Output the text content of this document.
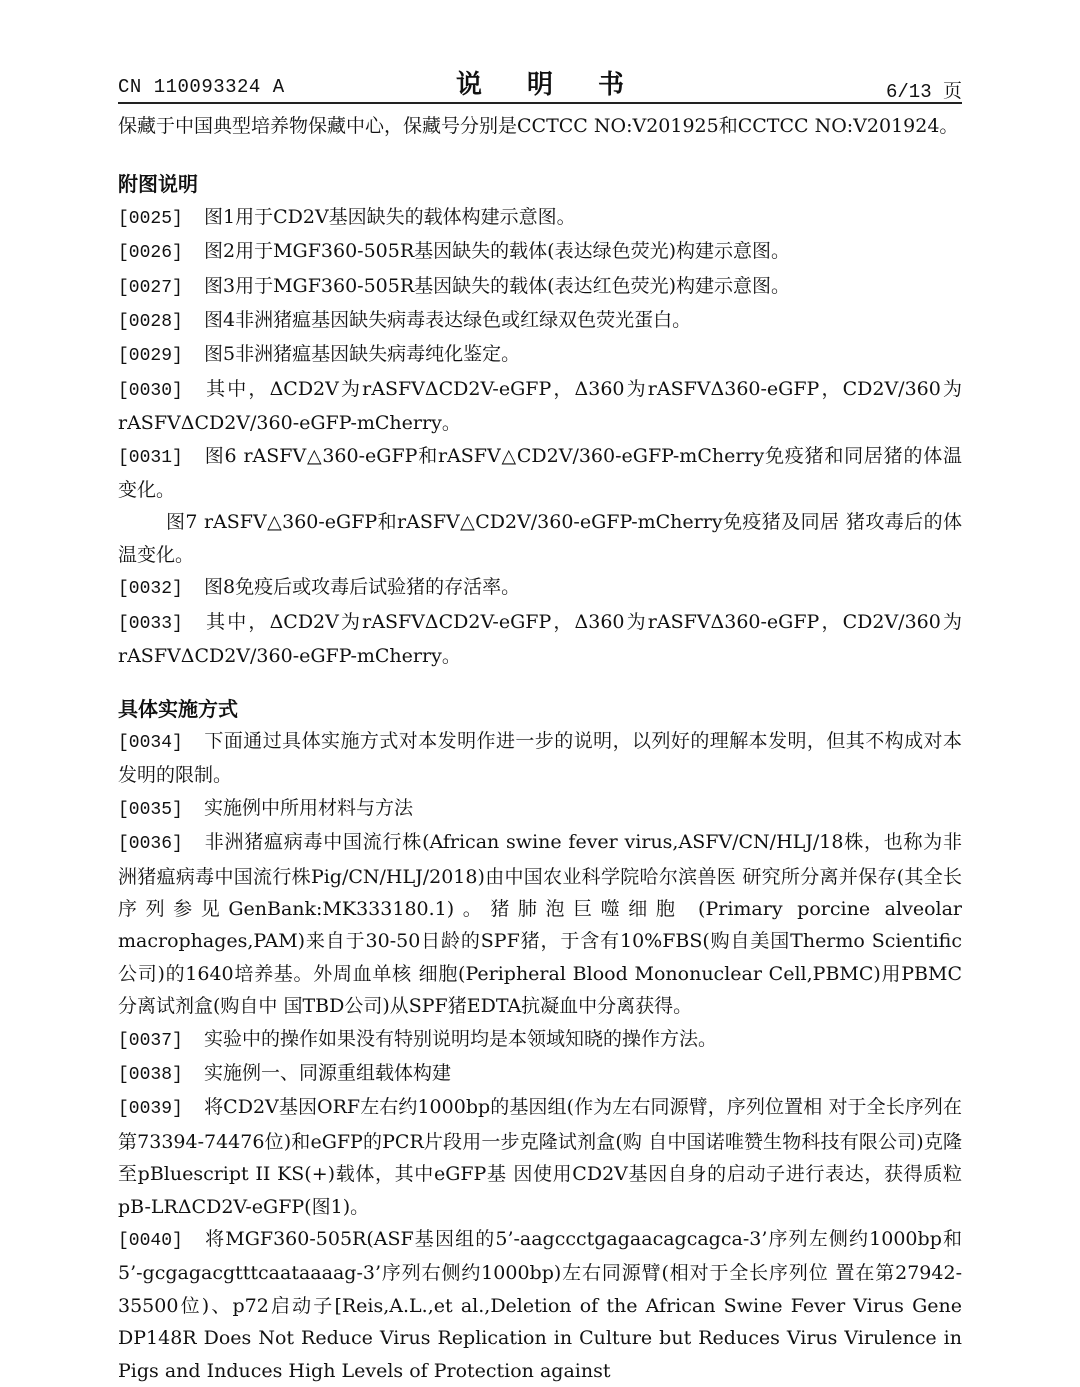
CN 110093324 A	说 明 书	6/13 页

保藏于中国典型培养物保藏中心，保藏号分别是CCTCC NO:V201925和CCTCC NO:V201924。

附图说明

[0025] 图1用于CD2V基因缺失的载体构建示意图。

[0026] 图2用于MGF360-505R基因缺失的载体(表达绿色荧光)构建示意图。

[0027] 图3用于MGF360-505R基因缺失的载体(表达红色荧光)构建示意图。

[0028] 图4非洲猪瘟基因缺失病毒表达绿色或红绿双色荧光蛋白。

[0029] 图5非洲猪瘟基因缺失病毒纯化鉴定。

[0030] 其中，ΔCD2V为rASFVΔCD2V-eGFP，Δ360为rASFVΔ360-eGFP，CD2V/360为rASFVΔCD2V/360-eGFP-mCherry。

[0031] 图6 rASFV△360-eGFP和rASFV△CD2V/360-eGFP-mCherry免疫猪和同居猪的体温变化。

图7 rASFV△360-eGFP和rASFV△CD2V/360-eGFP-mCherry免疫猪及同居 猪攻毒后的体温变化。

[0032] 图8免疫后或攻毒后试验猪的存活率。

[0033] 其中，ΔCD2V为rASFVΔCD2V-eGFP，Δ360为rASFVΔ360-eGFP，CD2V/360为rASFVΔCD2V/360-eGFP-mCherry。

具体实施方式

[0034] 下面通过具体实施方式对本发明作进一步的说明，以列好的理解本发明，但其不构成对本发明的限制。

[0035] 实施例中所用材料与方法

[0036] 非洲猪瘟病毒中国流行株(African swine fever virus,ASFV/CN/HLJ/18株，也称为非洲猪瘟病毒中国流行株Pig/CN/HLJ/2018)由中国农业科学院哈尔滨兽医 研究所分离并保存(其全长序列参见GenBank:MK333180.1)。猪肺泡巨噬细胞 (Primary porcine alveolar macrophages,PAM)来自于30-50日龄的SPF猪，于含有10%FBS(购自美国Thermo Scientific公司)的1640培养基。外周血单核 细胞(Peripheral Blood Mononuclear Cell,PBMC)用PBMC分离试剂盒(购自中 国TBD公司)从SPF猪EDTA抗凝血中分离获得。

[0037] 实验中的操作如果没有特别说明均是本领域知晓的操作方法。

[0038] 实施例一、同源重组载体构建

[0039] 将CD2V基因ORF左右约1000bp的基因组(作为左右同源臂，序列位置相 对于全长序列在第73394-74476位)和eGFP的PCR片段用一步克隆试剂盒(购 自中国诺唯赞生物科技有限公司)克隆至pBluescript II KS(+)载体，其中eGFP基 因使用CD2V基因自身的启动子进行表达，获得质粒pB-LRΔCD2V-eGFP(图1)。

[0040] 将MGF360-505R(ASF基因组的5’-aagccctgagaacagcagca-3’序列左侧约1000bp和5’-gcgagacgtttcaataaaag-3’序列右侧约1000bp)左右同源臂(相对于全长序列位 置在第27942-35500位)、p72启动子[Reis,A.L.,et al.,Deletion of the African Swine Fever Virus Gene DP148R Does Not Reduce Virus Replication in Culture but Reduces Virus Virulence in Pigs and Induces High Levels of Protection against
